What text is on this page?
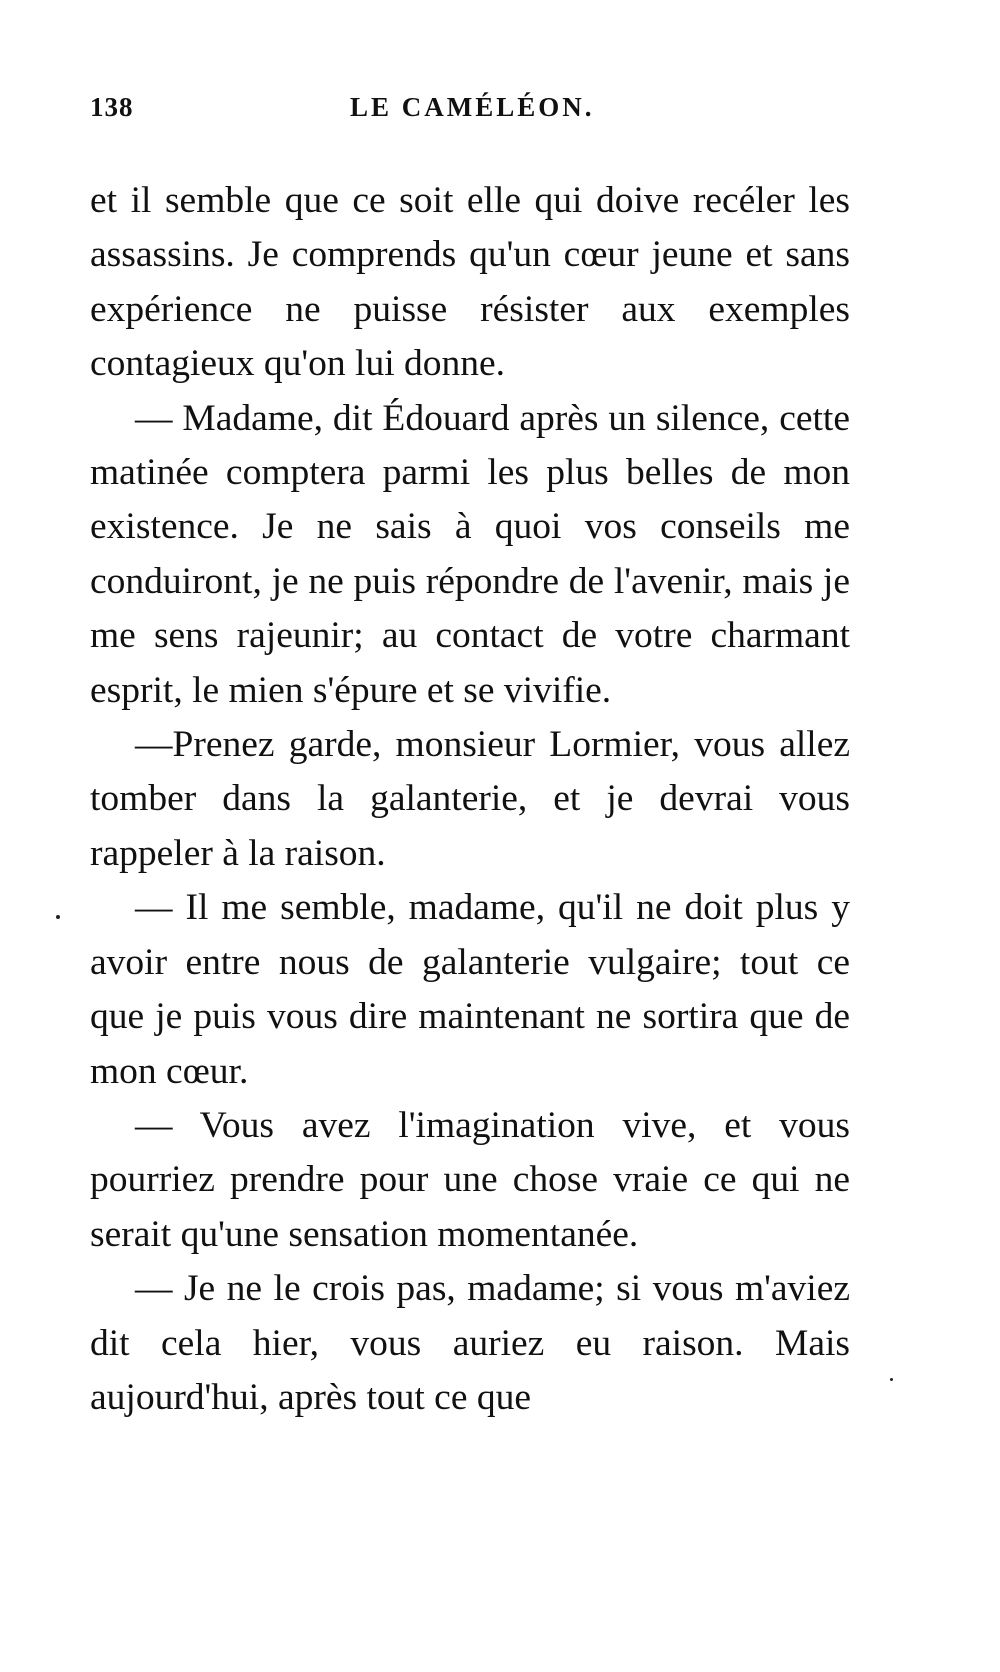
138	LE CAMÉLÉON.

et il semble que ce soit elle qui doive recéler les assassins. Je comprends qu'un cœur jeune et sans expérience ne puisse résister aux exemples contagieux qu'on lui donne.

— Madame, dit Édouard après un silence, cette matinée comptera parmi les plus belles de mon existence. Je ne sais à quoi vos conseils me conduiront, je ne puis répondre de l'avenir, mais je me sens rajeunir; au contact de votre charmant esprit, le mien s'épure et se vivifie.

—Prenez garde, monsieur Lormier, vous allez tomber dans la galanterie, et je devrai vous rappeler à la raison.

— Il me semble, madame, qu'il ne doit plus y avoir entre nous de galanterie vulgaire; tout ce que je puis vous dire maintenant ne sortira que de mon cœur.

— Vous avez l'imagination vive, et vous pourriez prendre pour une chose vraie ce qui ne serait qu'une sensation momentanée.

— Je ne le crois pas, madame; si vous m'aviez dit cela hier, vous auriez eu raison. Mais aujourd'hui, après tout ce que
